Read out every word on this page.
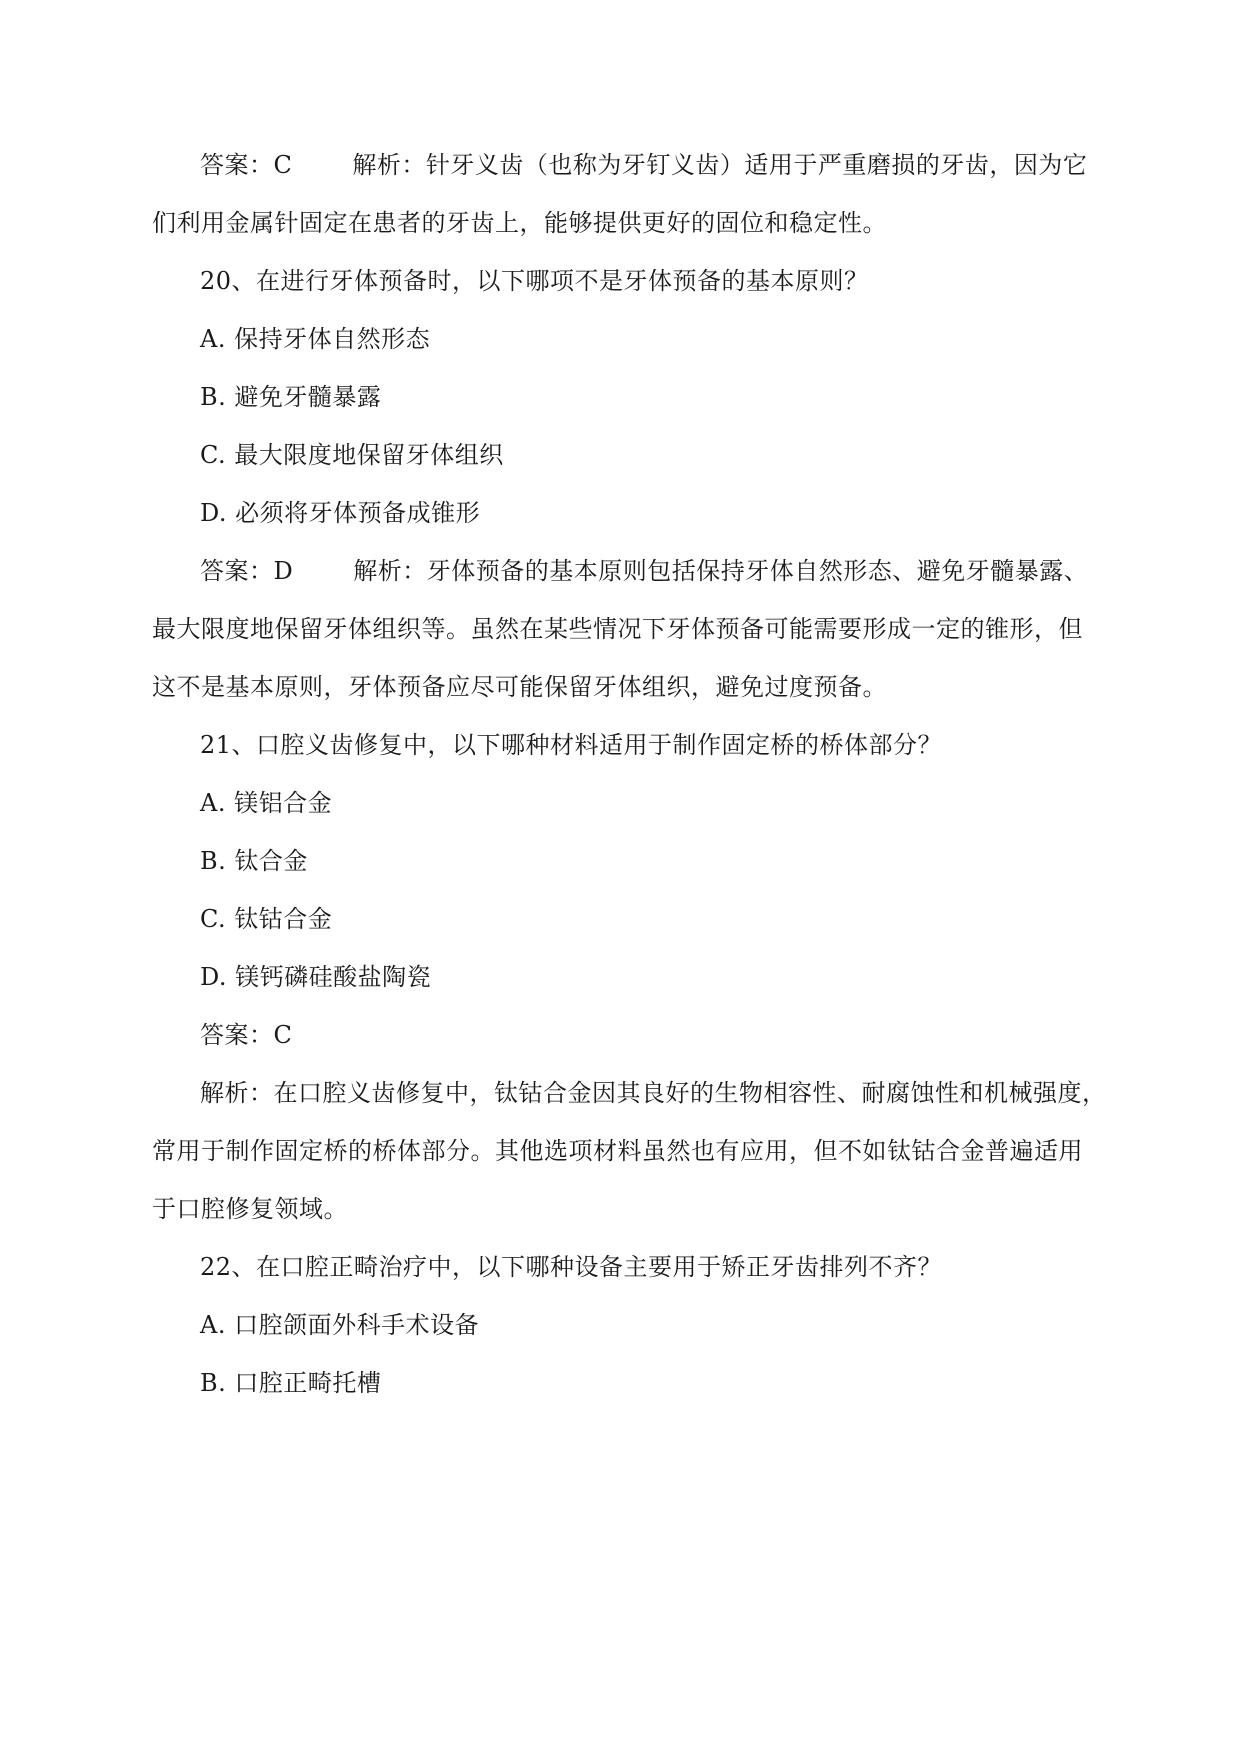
答案：C	解析：针牙义齿（也称为牙钉义齿）适用于严重磨损的牙齿，因为它
们利用金属针固定在患者的牙齿上，能够提供更好的固位和稳定性。
20、在进行牙体预备时，以下哪项不是牙体预备的基本原则？
A. 保持牙体自然形态
B. 避免牙髓暴露
C. 最大限度地保留牙体组织
D. 必须将牙体预备成锥形
答案：D	解析：牙体预备的基本原则包括保持牙体自然形态、避免牙髓暴露、
最大限度地保留牙体组织等。虽然在某些情况下牙体预备可能需要形成一定的锥形，但
这不是基本原则，牙体预备应尽可能保留牙体组织，避免过度预备。
21、口腔义齿修复中，以下哪种材料适用于制作固定桥的桥体部分？
A. 镁铝合金
B. 钛合金
C. 钛钴合金
D. 镁钙磷硅酸盐陶瓷
答案：C
解析：在口腔义齿修复中，钛钴合金因其良好的生物相容性、耐腐蚀性和机械强度，
常用于制作固定桥的桥体部分。其他选项材料虽然也有应用，但不如钛钴合金普遍适用
于口腔修复领域。
22、在口腔正畸治疗中，以下哪种设备主要用于矫正牙齿排列不齐？
A. 口腔颌面外科手术设备
B. 口腔正畸托槽
